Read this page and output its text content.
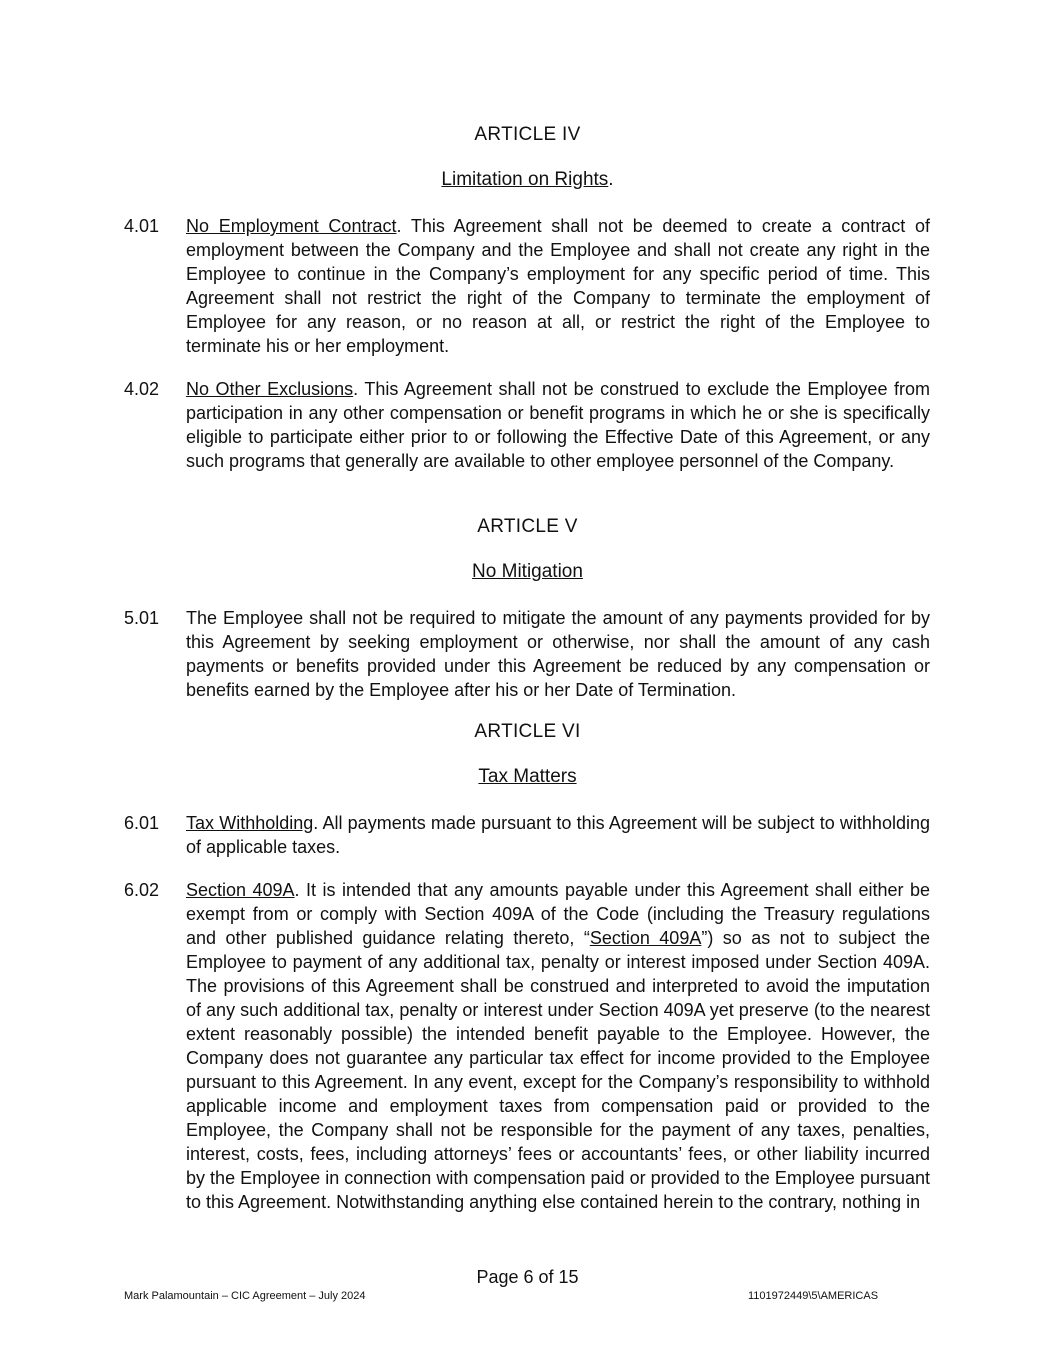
ARTICLE IV
Limitation on Rights.
4.01	No Employment Contract. This Agreement shall not be deemed to create a contract of employment between the Company and the Employee and shall not create any right in the Employee to continue in the Company’s employment for any specific period of time. This Agreement shall not restrict the right of the Company to terminate the employment of Employee for any reason, or no reason at all, or restrict the right of the Employee to terminate his or her employment.
4.02	No Other Exclusions. This Agreement shall not be construed to exclude the Employee from participation in any other compensation or benefit programs in which he or she is specifically eligible to participate either prior to or following the Effective Date of this Agreement, or any such programs that generally are available to other employee personnel of the Company.
ARTICLE V
No Mitigation
5.01	The Employee shall not be required to mitigate the amount of any payments provided for by this Agreement by seeking employment or otherwise, nor shall the amount of any cash payments or benefits provided under this Agreement be reduced by any compensation or benefits earned by the Employee after his or her Date of Termination.
ARTICLE VI
Tax Matters
6.01	Tax Withholding. All payments made pursuant to this Agreement will be subject to withholding of applicable taxes.
6.02	Section 409A. It is intended that any amounts payable under this Agreement shall either be exempt from or comply with Section 409A of the Code (including the Treasury regulations and other published guidance relating thereto, “Section 409A”) so as not to subject the Employee to payment of any additional tax, penalty or interest imposed under Section 409A. The provisions of this Agreement shall be construed and interpreted to avoid the imputation of any such additional tax, penalty or interest under Section 409A yet preserve (to the nearest extent reasonably possible) the intended benefit payable to the Employee. However, the Company does not guarantee any particular tax effect for income provided to the Employee pursuant to this Agreement. In any event, except for the Company’s responsibility to withhold applicable income and employment taxes from compensation paid or provided to the Employee, the Company shall not be responsible for the payment of any taxes, penalties, interest, costs, fees, including attorneys’ fees or accountants’ fees, or other liability incurred by the Employee in connection with compensation paid or provided to the Employee pursuant to this Agreement. Notwithstanding anything else contained herein to the contrary, nothing in
Page 6 of 15
Mark Palamountain – CIC Agreement – July 2024	1101972449\5\AMERICAS
